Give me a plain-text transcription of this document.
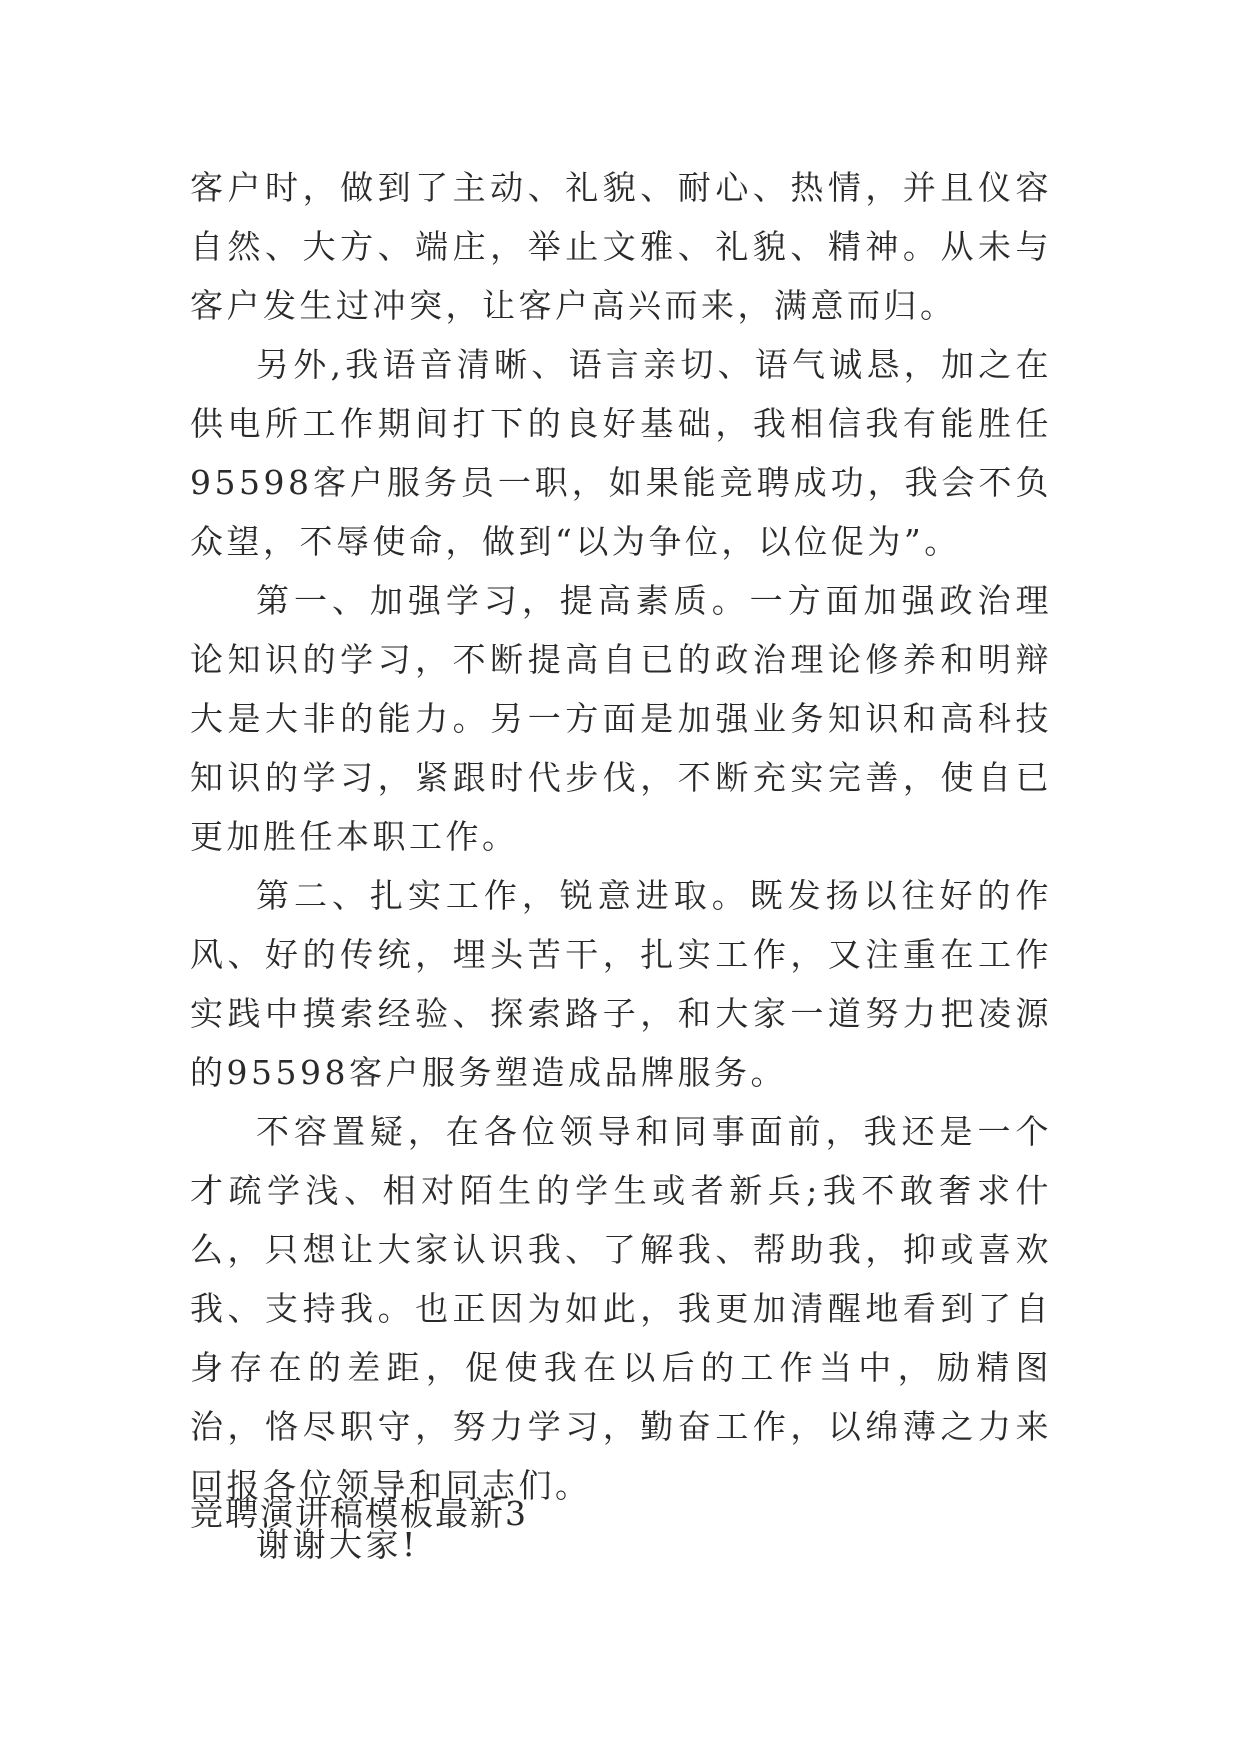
客户时，做到了主动、礼貌、耐心、热情，并且仪容自然、大方、端庄，举止文雅、礼貌、精神。从未与客户发生过冲突，让客户高兴而来，满意而归。

另外,我语音清晰、语言亲切、语气诚恳，加之在供电所工作期间打下的良好基础，我相信我有能胜任95598客户服务员一职，如果能竞聘成功，我会不负众望，不辱使命，做到“以为争位，以位促为”。

第一、加强学习，提高素质。一方面加强政治理论知识的学习，不断提高自已的政治理论修养和明辩大是大非的能力。另一方面是加强业务知识和高科技知识的学习，紧跟时代步伐，不断充实完善，使自已更加胜任本职工作。

第二、扎实工作，锐意进取。既发扬以往好的作风、好的传统，埋头苦干，扎实工作，又注重在工作实践中摸索经验、探索路子，和大家一道努力把凌源的95598客户服务塑造成品牌服务。

不容置疑，在各位领导和同事面前，我还是一个才疏学浅、相对陌生的学生或者新兵;我不敢奢求什么，只想让大家认识我、了解我、帮助我，抑或喜欢我、支持我。也正因为如此，我更加清醒地看到了自身存在的差距，促使我在以后的工作当中，励精图治，恪尽职守，努力学习，勤奋工作，以绵薄之力来回报各位领导和同志们。

谢谢大家!

竞聘演讲稿模板最新3
